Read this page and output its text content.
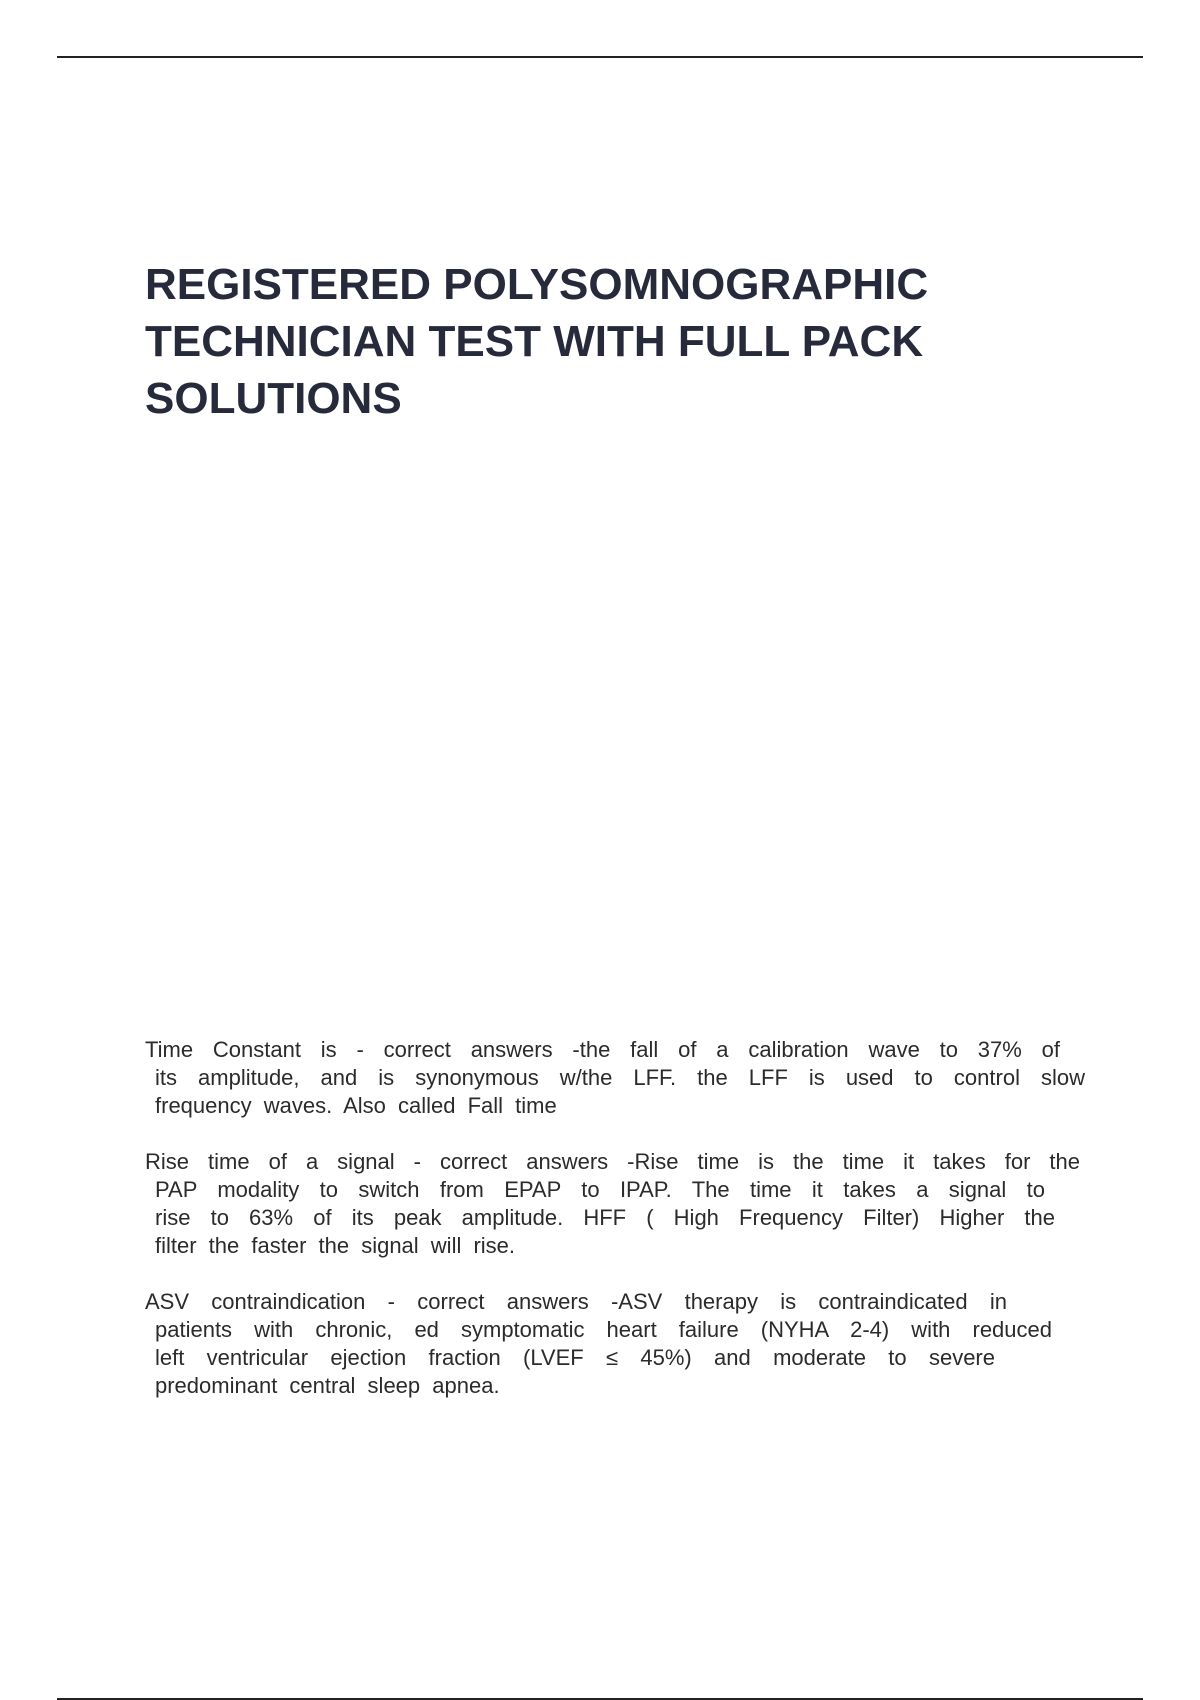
REGISTERED POLYSOMNOGRAPHIC TECHNICIAN TEST WITH FULL PACK SOLUTIONS
Time Constant is - correct answers -the fall of a calibration wave to 37% of
its amplitude, and is synonymous w/the LFF. the LFF is used to control slow
frequency waves. Also called Fall time
Rise time of a signal - correct answers -Rise time is the time it takes for the
PAP modality to switch from EPAP to IPAP. The time it takes a signal to
rise to 63% of its peak amplitude. HFF ( High Frequency Filter) Higher the
filter the faster the signal will rise.
ASV contraindication - correct answers -ASV therapy is contraindicated in
patients with chronic, ed symptomatic heart failure (NYHA 2-4) with reduced
left ventricular ejection fraction (LVEF ≤ 45%) and moderate to severe
predominant central sleep apnea.
